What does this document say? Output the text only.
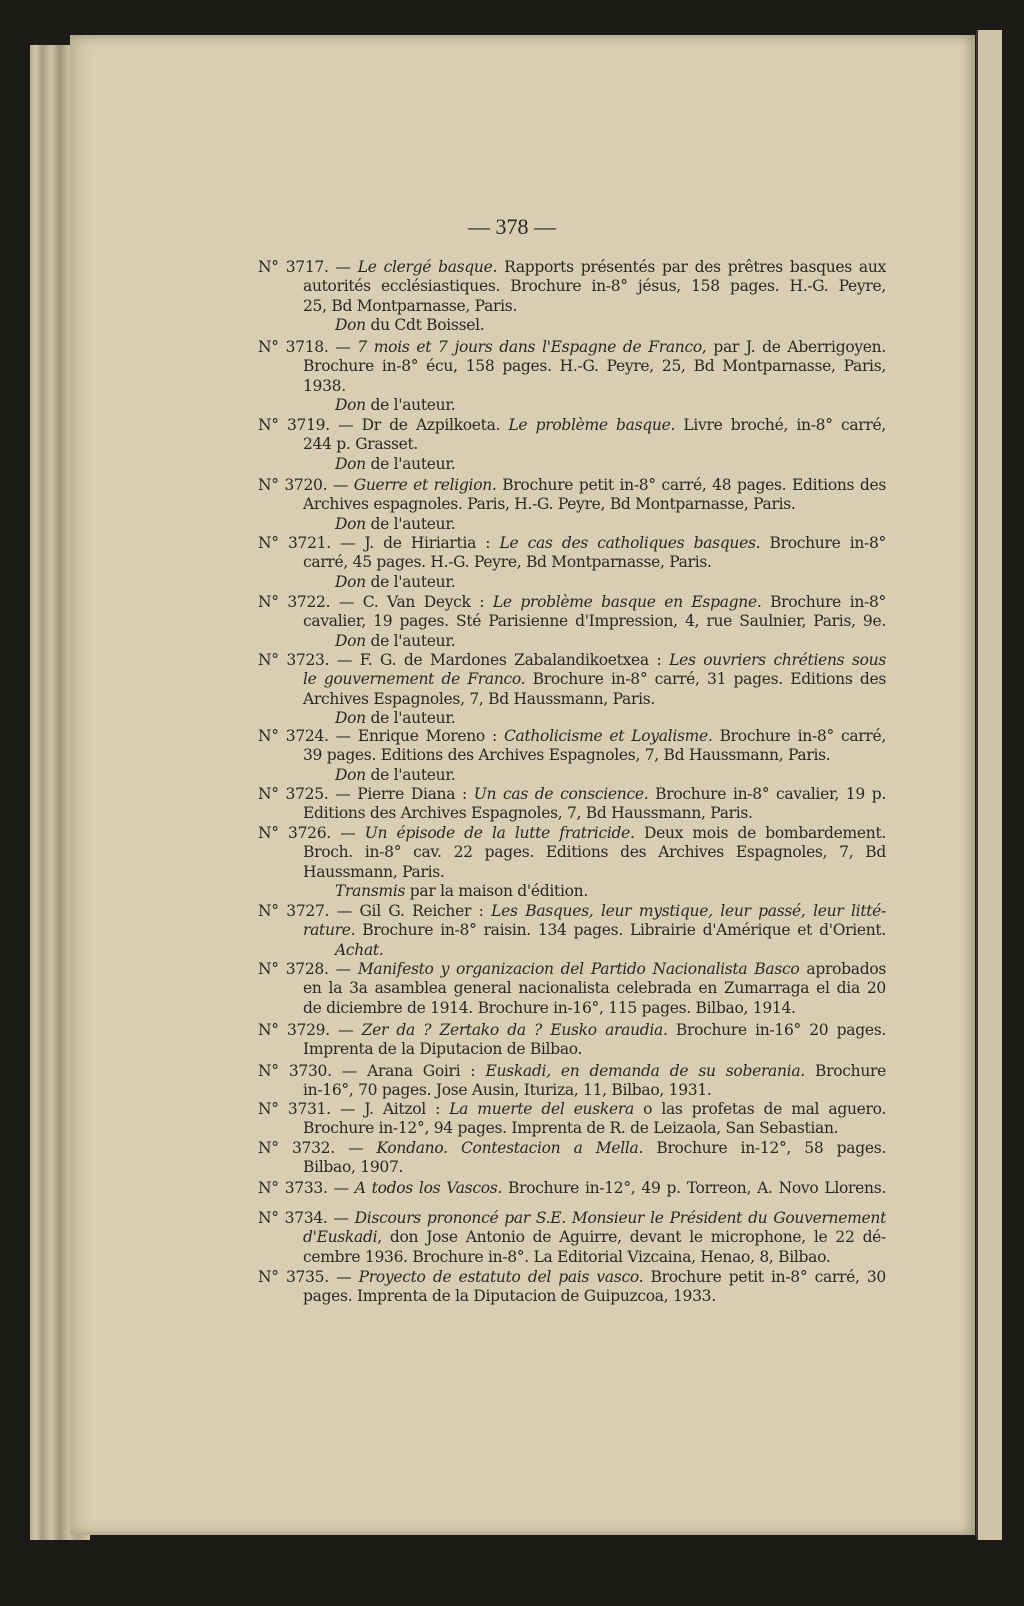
— 378 —
N° 3717. — Le clergé basque. Rapports présentés par des prêtres basques aux
autorités ecclésiastiques. Brochure in-8° jésus, 158 pages. H.-G. Peyre,
25, Bd Montparnasse, Paris.
Don du Cdt Boissel.
N° 3718. — 7 mois et 7 jours dans l'Espagne de Franco, par J. de Aberrigoyen.
Brochure in-8° écu, 158 pages. H.-G. Peyre, 25, Bd Montparnasse, Paris,
1938.
Don de l'auteur.
N° 3719. — Dr de Azpilkoeta. Le problème basque. Livre broché, in-8° carré,
244 p. Grasset.
Don de l'auteur.
N° 3720. — Guerre et religion. Brochure petit in-8° carré, 48 pages. Editions des
Archives espagnoles. Paris, H.-G. Peyre, Bd Montparnasse, Paris.
Don de l'auteur.
N° 3721. — J. de Hiriartia : Le cas des catholiques basques. Brochure in-8°
carré, 45 pages. H.-G. Peyre, Bd Montparnasse, Paris.
Don de l'auteur.
N° 3722. — C. Van Deyck : Le problème basque en Espagne. Brochure in-8°
cavalier, 19 pages. Sté Parisienne d'Impression, 4, rue Saulnier, Paris, 9e.
Don de l'auteur.
N° 3723. — F. G. de Mardones Zabalandikoetxea : Les ouvriers chrétiens sous
le gouvernement de Franco. Brochure in-8° carré, 31 pages. Editions des
Archives Espagnoles, 7, Bd Haussmann, Paris.
Don de l'auteur.
N° 3724. — Enrique Moreno : Catholicisme et Loyalisme. Brochure in-8° carré,
39 pages. Editions des Archives Espagnoles, 7, Bd Haussmann, Paris.
Don de l'auteur.
N° 3725. — Pierre Diana : Un cas de conscience. Brochure in-8° cavalier, 19 p.
Editions des Archives Espagnoles, 7, Bd Haussmann, Paris.
N° 3726. — Un épisode de la lutte fratricide. Deux mois de bombardement.
Broch. in-8° cav. 22 pages. Editions des Archives Espagnoles, 7, Bd
Haussmann, Paris.
Transmis par la maison d'édition.
N° 3727. — Gil G. Reicher : Les Basques, leur mystique, leur passé, leur litté-
rature. Brochure in-8° raisin. 134 pages. Librairie d'Amérique et d'Orient.
Achat.
N° 3728. — Manifesto y organizacion del Partido Nacionalista Basco aprobados
en la 3a asamblea general nacionalista celebrada en Zumarraga el dia 20
de diciembre de 1914. Brochure in-16°, 115 pages. Bilbao, 1914.
N° 3729. — Zer da ? Zertako da ? Eusko araudia. Brochure in-16° 20 pages.
Imprenta de la Diputacion de Bilbao.
N° 3730. — Arana Goiri : Euskadi, en demanda de su soberania. Brochure
in-16°, 70 pages. Jose Ausin, Ituriza, 11, Bilbao, 1931.
N° 3731. — J. Aitzol : La muerte del euskera o las profetas de mal aguero.
Brochure in-12°, 94 pages. Imprenta de R. de Leizaola, San Sebastian.
N° 3732. — Kondano. Contestacion a Mella. Brochure in-12°, 58 pages.
Bilbao, 1907.
N° 3733. — A todos los Vascos. Brochure in-12°, 49 p. Torreon, A. Novo Llorens.
N° 3734. — Discours prononcé par S.E. Monsieur le Président du Gouvernement
d'Euskadi, don Jose Antonio de Aguirre, devant le microphone, le 22 dé-
cembre 1936. Brochure in-8°. La Editorial Vizcaina, Henao, 8, Bilbao.
N° 3735. — Proyecto de estatuto del pais vasco. Brochure petit in-8° carré, 30
pages. Imprenta de la Diputacion de Guipuzcoa, 1933.
